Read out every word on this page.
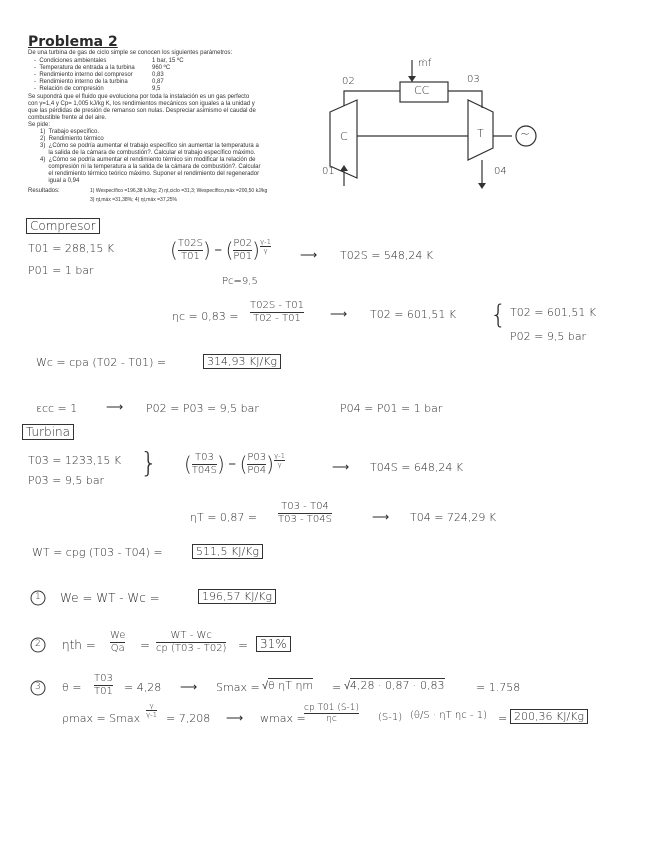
Problema 2
De una turbina de gas de ciclo simple se conocen los siguientes parámetros:
-  Condiciones ambientales	1 bar, 15 ºC
-  Temperatura de entrada a la turbina	960 ºC
-  Rendimiento interno del compresor	0,83
-  Rendimiento interno de la turbina	0,87
-  Relación de compresión	9,5
Se supondrá que el fluido que evoluciona por toda la instalación es un gas perfecto
con γ=1,4 y Cp= 1,005 kJ/kg K, los rendimientos mecánicos son iguales a la unidad y
que las pérdidas de presión de remanso son nulas. Despreciar asimismo el caudal de
combustible frente al del aire.
Se pide:
1)  Trabajo específico.
2)  Rendimiento térmico
3)  ¿Cómo se podría aumentar el trabajo específico sin aumentar la temperatura a
la salida de la cámara de combustión?. Calcular el trabajo específico máximo.
4)  ¿Cómo se podría aumentar el rendimiento térmico sin modificar la relación de
compresión ni la temperatura a la salida de la cámara de combustión?. Calcular
el rendimiento térmico teórico máximo. Suponer el rendimiento del regenerador
igual a 0,94
Resultados:	1) Wespecífico =196,38 kJ/kg; 2) ηt,ciclo =31,3; Wespecífico,máx =200,50 kJ/kg
3) ηt,máx =31,38%; 4) ηt,máx =37,25%
02	03
01	04
ṁf
CC
C	T	~
Compresor
T01 = 288,15 K
P01 = 1 bar
( $\frac{T02S}{T01}$ ) = ( $\frac{P02}{P01}$ ) $\frac{\gamma-1}{\gamma}$
Pc=9,5
⟶ T02S = 548,24 K
$\eta c = 0,83 = \frac{T02S - T01}{T02 - T01}$ ⟶ T02 = 601,51 K { T02 = 601,51 K
P02 = 9,5 bar
Wc = cpa (T02 - T01) =	314,93 KJ/Kg
εcc = 1 ⟶ P02 = P03 = 9,5 bar	P04 = P01 = 1 bar
Turbina
T03 = 1233,15 K
P03 = 9,5 bar
} ( $\frac{T03}{T04S}$ ) = ( $\frac{P03}{P04}$ ) $\frac{\gamma-1}{\gamma}$	⟶ T04S = 648,24 K
$\eta T = 0,87 = \frac{T03 - T04}{T03 - T04S}$	⟶ T04 = 724,29 K
WT = cpg (T03 - T04) =	511,5 KJ/Kg
1 We = WT - Wc =	196,57 KJ/Kg
2 $\eta th = \frac{We}{Qa} = \frac{WT - Wc}{cp (T03 - T02)} = 31\%$
3 $\theta = \frac{T03}{T01} = 4,28$ ⟶ Smax = √θ ηT ηm = √4,28 · 0,87 · 0,83	= 1.758
ρmax = Smax $\frac{\gamma}{\gamma-1} = 7,208$ ⟶ wmax =
$\frac{\text{cp T01 (S-1)}}{\eta c} (S-1) (\theta/S \cdot \eta T$ ηc - 1) = 200,36 KJ/Kg
